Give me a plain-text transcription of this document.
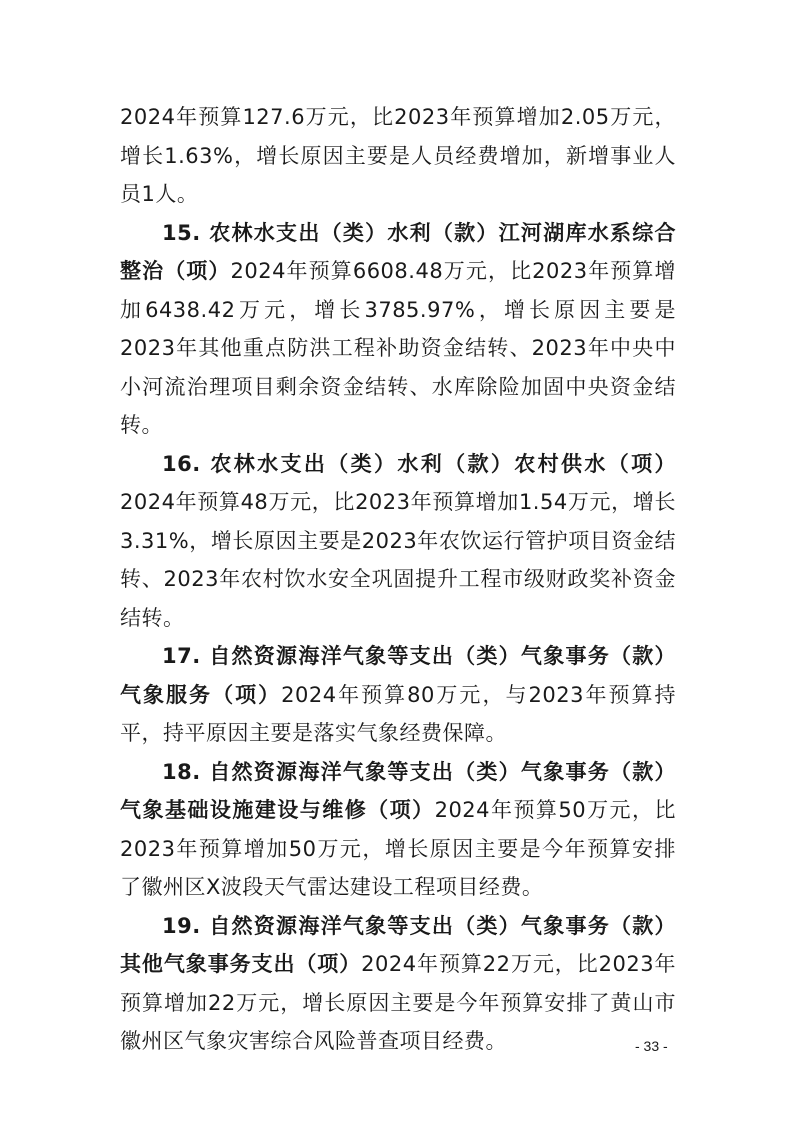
2024年预算127.6万元，比2023年预算增加2.05万元，增长1.63%，增长原因主要是人员经费增加，新增事业人员1人。

15. 农林水支出（类）水利（款）江河湖库水系综合整治（项）2024年预算6608.48万元，比2023年预算增加6438.42万元，增长3785.97%，增长原因主要是2023年其他重点防洪工程补助资金结转、2023年中央中小河流治理项目剩余资金结转、水库除险加固中央资金结转。

16. 农林水支出（类）水利（款）农村供水（项）2024年预算48万元，比2023年预算增加1.54万元，增长3.31%，增长原因主要是2023年农饮运行管护项目资金结转、2023年农村饮水安全巩固提升工程市级财政奖补资金结转。

17. 自然资源海洋气象等支出（类）气象事务（款）气象服务（项）2024年预算80万元，与2023年预算持平，持平原因主要是落实气象经费保障。

18. 自然资源海洋气象等支出（类）气象事务（款）气象基础设施建设与维修（项）2024年预算50万元，比2023年预算增加50万元，增长原因主要是今年预算安排了徽州区X波段天气雷达建设工程项目经费。

19. 自然资源海洋气象等支出（类）气象事务（款）其他气象事务支出（项）2024年预算22万元，比2023年预算增加22万元，增长原因主要是今年预算安排了黄山市徽州区气象灾害综合风险普查项目经费。	- 33 -
